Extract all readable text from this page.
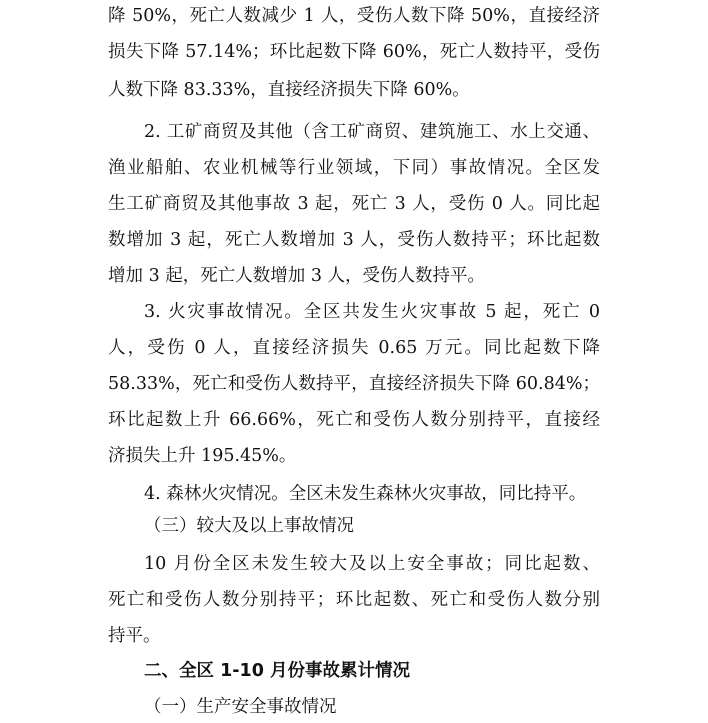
降 50%，死亡人数减少 1 人，受伤人数下降 50%，直接经济
损失下降 57.14%；环比起数下降 60%，死亡人数持平，受伤
人数下降 83.33%，直接经济损失下降 60%。
2. 工矿商贸及其他（含工矿商贸、建筑施工、水上交通、
渔业船舶、农业机械等行业领域，下同）事故情况。全区发
生工矿商贸及其他事故 3 起，死亡 3 人，受伤 0 人。同比起
数增加 3 起，死亡人数增加 3 人，受伤人数持平；环比起数
增加 3 起，死亡人数增加 3 人，受伤人数持平。
3. 火灾事故情况。全区共发生火灾事故 5 起，死亡 0
人，受伤 0 人，直接经济损失 0.65 万元。同比起数下降
58.33%，死亡和受伤人数持平，直接经济损失下降 60.84%；
环比起数上升 66.66%，死亡和受伤人数分别持平，直接经
济损失上升 195.45%。
4. 森林火灾情况。全区未发生森林火灾事故，同比持平。
（三）较大及以上事故情况
10 月份全区未发生较大及以上安全事故；同比起数、
死亡和受伤人数分别持平；环比起数、死亡和受伤人数分别
持平。
二、全区 1-10 月份事故累计情况
（一）生产安全事故情况
